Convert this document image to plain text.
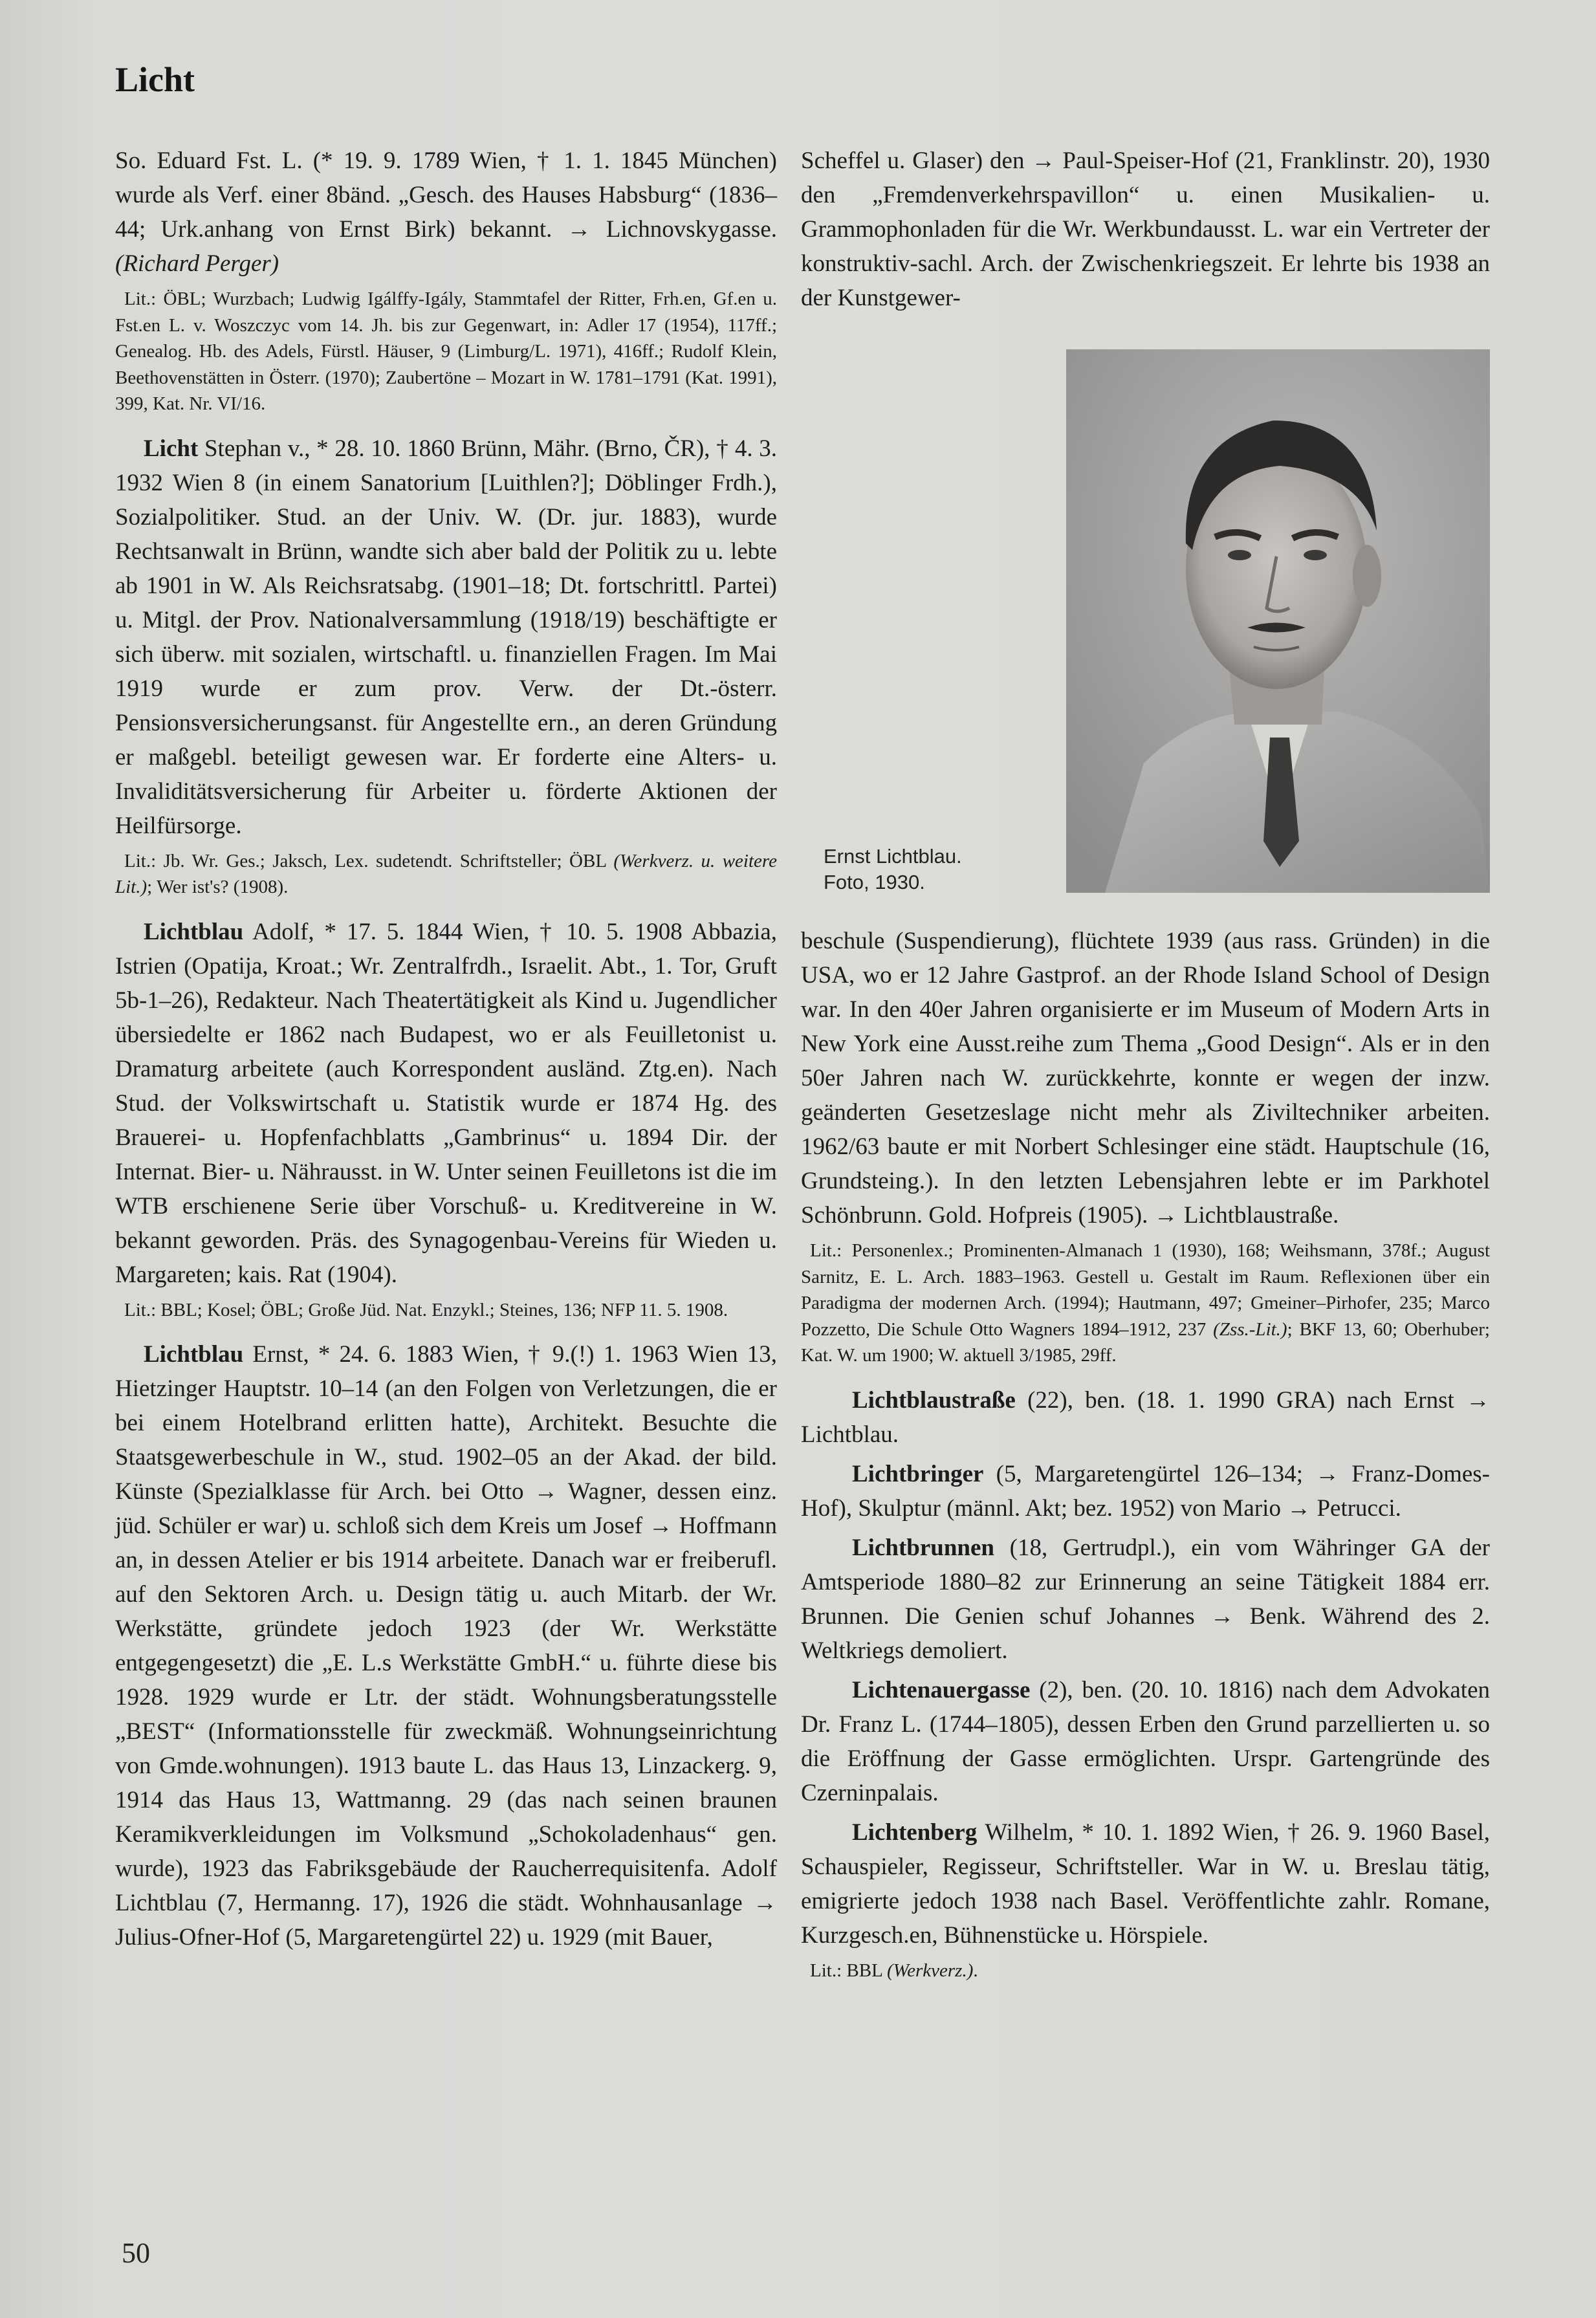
Licht

So. Eduard Fst. L. (* 19. 9. 1789 Wien, † 1. 1. 1845 München) wurde als Verf. einer 8bänd. „Gesch. des Hauses Habsburg“ (1836–44; Urk.anhang von Ernst Birk) bekannt. → Lichnovskygasse. (Richard Perger)

Lit.: ÖBL; Wurzbach; Ludwig Igálffy-Igály, Stammtafel der Ritter, Frh.en, Gf.en u. Fst.en L. v. Woszczyc vom 14. Jh. bis zur Gegenwart, in: Adler 17 (1954), 117ff.; Genealog. Hb. des Adels, Fürstl. Häuser, 9 (Limburg/L. 1971), 416ff.; Rudolf Klein, Beethovenstätten in Österr. (1970); Zaubertöne – Mozart in W. 1781–1791 (Kat. 1991), 399, Kat. Nr. VI/16.

Licht Stephan v., * 28. 10. 1860 Brünn, Mähr. (Brno, ČR), † 4. 3. 1932 Wien 8 (in einem Sanatorium [Luithlen?]; Döblinger Frdh.), Sozialpolitiker. Stud. an der Univ. W. (Dr. jur. 1883), wurde Rechtsanwalt in Brünn, wandte sich aber bald der Politik zu u. lebte ab 1901 in W. Als Reichsratsabg. (1901–18; Dt. fortschrittl. Partei) u. Mitgl. der Prov. Nationalversammlung (1918/19) beschäftigte er sich überw. mit sozialen, wirtschaftl. u. finanziellen Fragen. Im Mai 1919 wurde er zum prov. Verw. der Dt.-österr. Pensionsversicherungsanst. für Angestellte ern., an deren Gründung er maßgebl. beteiligt gewesen war. Er forderte eine Alters- u. Invaliditätsversicherung für Arbeiter u. förderte Aktionen der Heilfürsorge.

Lit.: Jb. Wr. Ges.; Jaksch, Lex. sudetendt. Schriftsteller; ÖBL (Werkverz. u. weitere Lit.); Wer ist's? (1908).

Lichtblau Adolf, * 17. 5. 1844 Wien, † 10. 5. 1908 Abbazia, Istrien (Opatija, Kroat.; Wr. Zentralfrdh., Israelit. Abt., 1. Tor, Gruft 5b-1–26), Redakteur. Nach Theatertätigkeit als Kind u. Jugendlicher übersiedelte er 1862 nach Budapest, wo er als Feuilletonist u. Dramaturg arbeitete (auch Korrespondent ausländ. Ztg.en). Nach Stud. der Volkswirtschaft u. Statistik wurde er 1874 Hg. des Brauerei- u. Hopfenfachblatts „Gambrinus“ u. 1894 Dir. der Internat. Bier- u. Nährausst. in W. Unter seinen Feuilletons ist die im WTB erschienene Serie über Vorschuß- u. Kreditvereine in W. bekannt geworden. Präs. des Synagogenbau-Vereins für Wieden u. Margareten; kais. Rat (1904).

Lit.: BBL; Kosel; ÖBL; Große Jüd. Nat. Enzykl.; Steines, 136; NFP 11. 5. 1908.

Lichtblau Ernst, * 24. 6. 1883 Wien, † 9.(!) 1. 1963 Wien 13, Hietzinger Hauptstr. 10–14 (an den Folgen von Verletzungen, die er bei einem Hotelbrand erlitten hatte), Architekt. Besuchte die Staatsgewerbeschule in W., stud. 1902–05 an der Akad. der bild. Künste (Spezialklasse für Arch. bei Otto → Wagner, dessen einz. jüd. Schüler er war) u. schloß sich dem Kreis um Josef → Hoffmann an, in dessen Atelier er bis 1914 arbeitete. Danach war er freiberufl. auf den Sektoren Arch. u. Design tätig u. auch Mitarb. der Wr. Werkstätte, gründete jedoch 1923 (der Wr. Werkstätte entgegengesetzt) die „E. L.s Werkstätte GmbH.“ u. führte diese bis 1928. 1929 wurde er Ltr. der städt. Wohnungsberatungsstelle „BEST“ (Informationsstelle für zweckmäß. Wohnungseinrichtung von Gmde.wohnungen). 1913 baute L. das Haus 13, Linzackerg. 9, 1914 das Haus 13, Wattmanng. 29 (das nach seinen braunen Keramikverkleidungen im Volksmund „Schokoladenhaus“ gen. wurde), 1923 das Fabriksgebäude der Raucherrequisitenfa. Adolf Lichtblau (7, Hermanng. 17), 1926 die städt. Wohnhausanlage → Julius-Ofner-Hof (5, Margaretengürtel 22) u. 1929 (mit Bauer,

Scheffel u. Glaser) den → Paul-Speiser-Hof (21, Franklinstr. 20), 1930 den „Fremdenverkehrspavillon“ u. einen Musikalien- u. Grammophonladen für die Wr. Werkbundausst. L. war ein Vertreter der konstruktiv-sachl. Arch. der Zwischenkriegszeit. Er lehrte bis 1938 an der Kunstgewer-

Ernst Lichtblau.
Foto, 1930.

beschule (Suspendierung), flüchtete 1939 (aus rass. Gründen) in die USA, wo er 12 Jahre Gastprof. an der Rhode Island School of Design war. In den 40er Jahren organisierte er im Museum of Modern Arts in New York eine Ausst.reihe zum Thema „Good Design“. Als er in den 50er Jahren nach W. zurückkehrte, konnte er wegen der inzw. geänderten Gesetzeslage nicht mehr als Ziviltechniker arbeiten. 1962/63 baute er mit Norbert Schlesinger eine städt. Hauptschule (16, Grundsteing.). In den letzten Lebensjahren lebte er im Parkhotel Schönbrunn. Gold. Hofpreis (1905). → Lichtblaustraße.

Lit.: Personenlex.; Prominenten-Almanach 1 (1930), 168; Weihsmann, 378f.; August Sarnitz, E. L. Arch. 1883–1963. Gestell u. Gestalt im Raum. Reflexionen über ein Paradigma der modernen Arch. (1994); Hautmann, 497; Gmeiner–Pirhofer, 235; Marco Pozzetto, Die Schule Otto Wagners 1894–1912, 237 (Zss.-Lit.); BKF 13, 60; Oberhuber; Kat. W. um 1900; W. aktuell 3/1985, 29ff.

Lichtblaustraße (22), ben. (18. 1. 1990 GRA) nach Ernst → Lichtblau.

Lichtbringer (5, Margaretengürtel 126–134; → Franz-Domes-Hof), Skulptur (männl. Akt; bez. 1952) von Mario → Petrucci.

Lichtbrunnen (18, Gertrudpl.), ein vom Währinger GA der Amtsperiode 1880–82 zur Erinnerung an seine Tätigkeit 1884 err. Brunnen. Die Genien schuf Johannes → Benk. Während des 2. Weltkriegs demoliert.

Lichtenauergasse (2), ben. (20. 10. 1816) nach dem Advokaten Dr. Franz L. (1744–1805), dessen Erben den Grund parzellierten u. so die Eröffnung der Gasse ermöglichten. Urspr. Gartengründe des Czerninpalais.

Lichtenberg Wilhelm, * 10. 1. 1892 Wien, † 26. 9. 1960 Basel, Schauspieler, Regisseur, Schriftsteller. War in W. u. Breslau tätig, emigrierte jedoch 1938 nach Basel. Veröffentlichte zahlr. Romane, Kurzgesch.en, Bühnenstücke u. Hörspiele.

Lit.: BBL (Werkverz.).

50
